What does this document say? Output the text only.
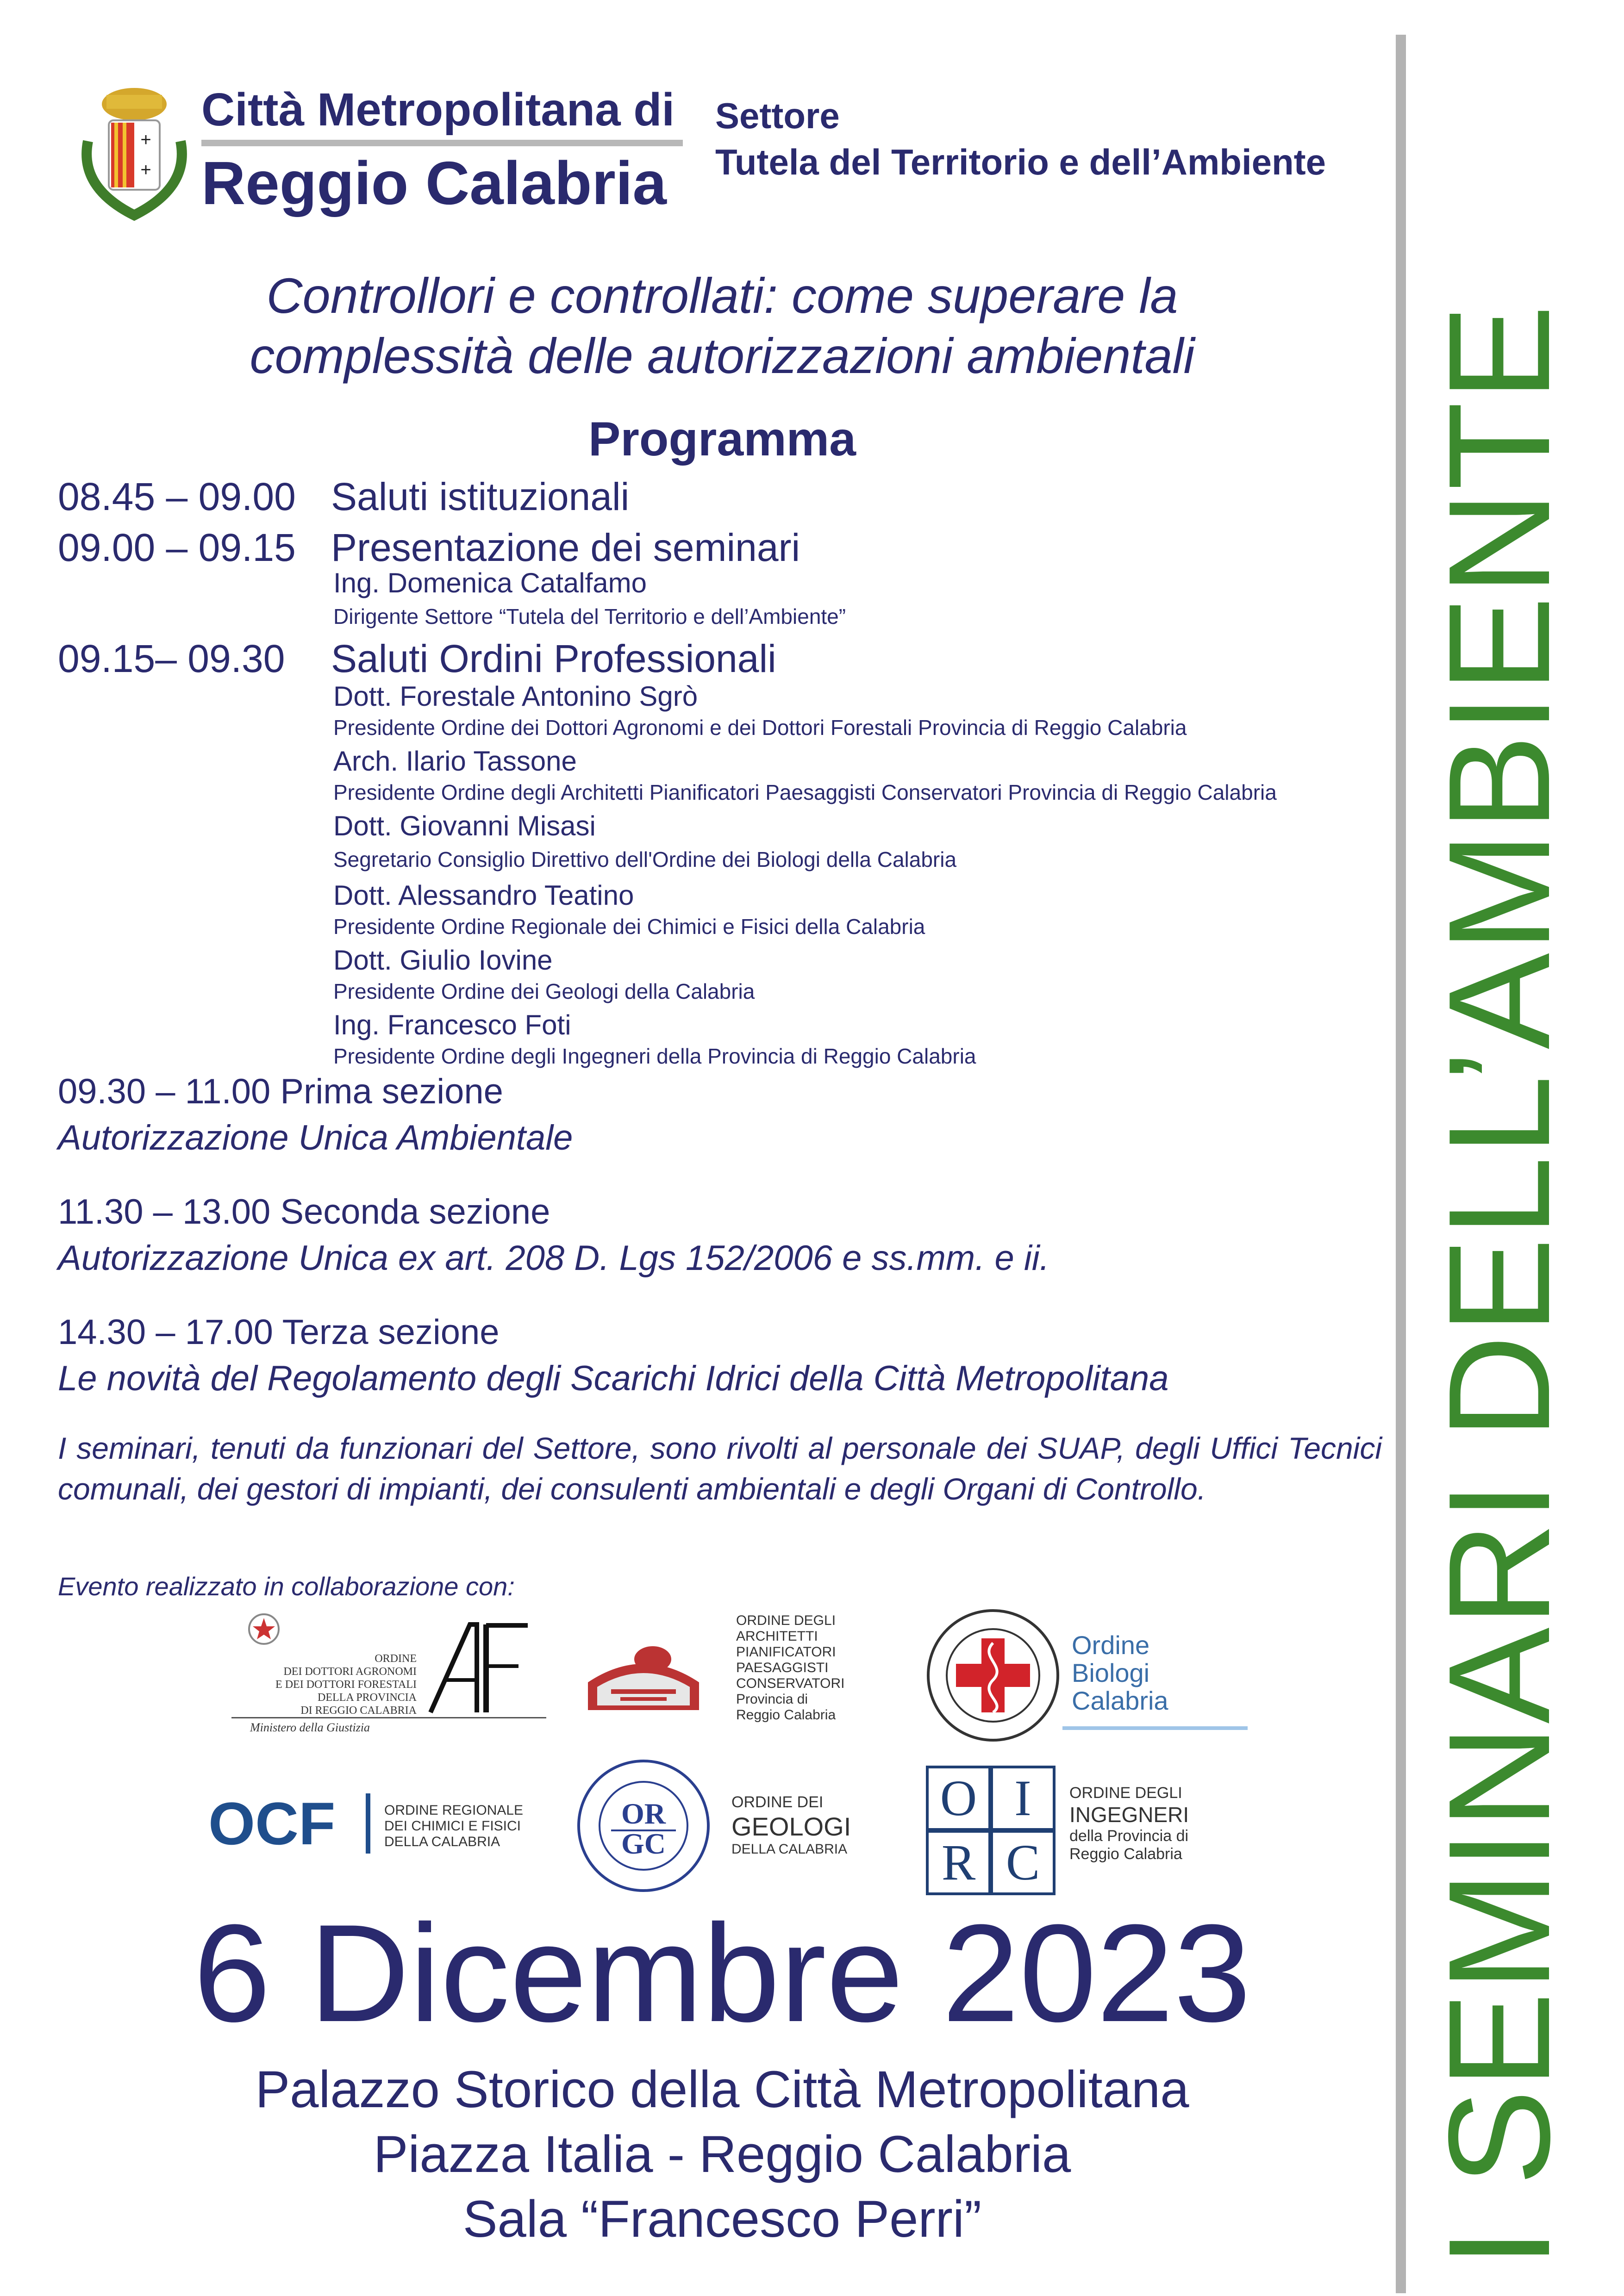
+
+
Città Metropolitana di
Reggio Calabria
Settore
Tutela del Territorio e dell’Ambiente
I SEMINARI DELL’AMBIENTE
Controllori e controllati: come superare la
complessità delle autorizzazioni ambientali
Programma
08.45 – 09.00 Saluti istituzionali
09.00 – 09.15 Presentazione dei seminari
Ing. Domenica Catalfamo
Dirigente Settore “Tutela del Territorio e dell’Ambiente”
09.15– 09.30 Saluti Ordini Professionali
Dott. Forestale Antonino Sgrò
Presidente Ordine dei Dottori Agronomi e dei Dottori Forestali Provincia di Reggio Calabria
Arch. Ilario Tassone
Presidente Ordine degli Architetti Pianificatori Paesaggisti Conservatori Provincia di Reggio Calabria
Dott. Giovanni Misasi
Segretario Consiglio Direttivo dell'Ordine dei Biologi della Calabria
Dott. Alessandro Teatino
Presidente Ordine Regionale dei Chimici e Fisici della Calabria
Dott. Giulio Iovine
Presidente Ordine dei Geologi della Calabria
Ing. Francesco Foti
Presidente Ordine degli Ingegneri della Provincia di Reggio Calabria
09.30 – 11.00 Prima sezione
Autorizzazione Unica Ambientale
11.30 – 13.00 Seconda sezione
Autorizzazione Unica ex art. 208 D. Lgs 152/2006 e ss.mm. e ii.
14.30 – 17.00 Terza sezione
Le novità del Regolamento degli Scarichi Idrici della Città Metropolitana
I seminari, tenuti da funzionari del Settore, sono rivolti al personale dei SUAP, degli Uffici Tecnici comunali, dei gestori di impianti, dei consulenti ambientali e degli Organi di Controllo.
Evento realizzato in collaborazione con:
ORDINE
DEI DOTTORI AGRONOMI
E DEI DOTTORI FORESTALI
DELLA PROVINCIA
DI REGGIO CALABRIA
Ministero della Giustizia
ORDINE DEGLI
ARCHITETTI
PIANIFICATORI
PAESAGGISTI
CONSERVATORI
Provincia di
Reggio Calabria
Ordine
Biologi
Calabria
OCF	ORDINE REGIONALE
DEI CHIMICI E FISICI
DELLA CALABRIA
OR
GC
ORDINE DEI
GEOLOGI
DELLA CALABRIA
O I
R C
ORDINE DEGLI
INGEGNERI
della Provincia di
Reggio Calabria
6 Dicembre 2023
Palazzo Storico della Città Metropolitana
Piazza Italia - Reggio Calabria
Sala “Francesco Perri”
